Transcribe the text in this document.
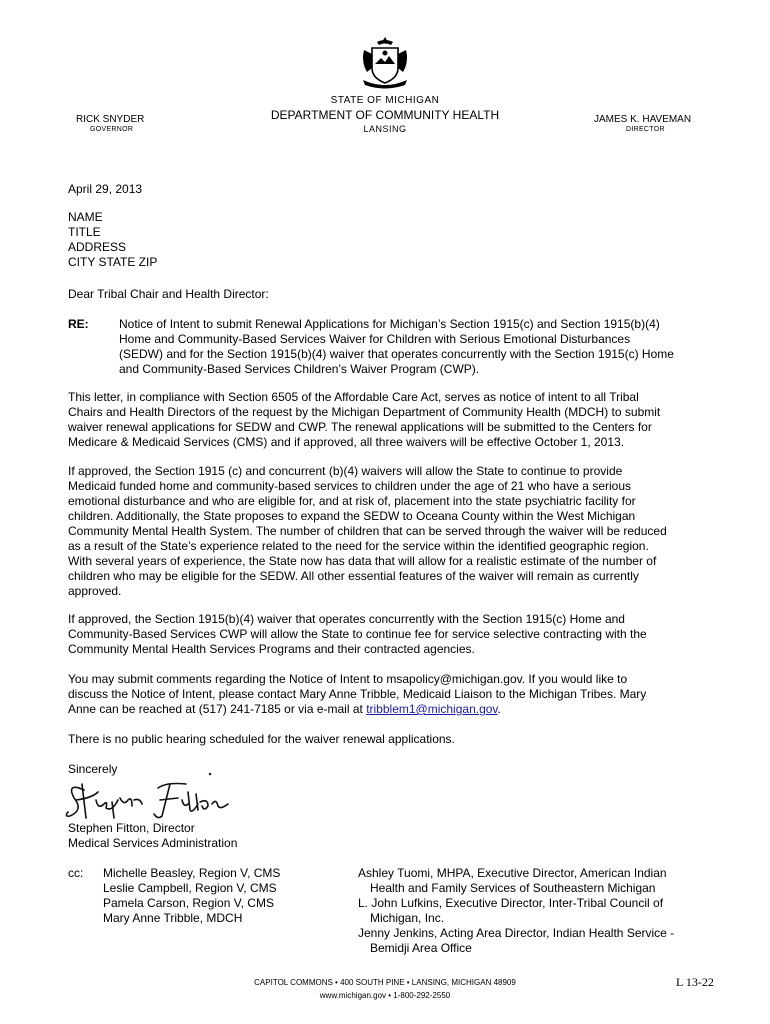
STATE OF MICHIGAN
DEPARTMENT OF COMMUNITY HEALTH
LANSING
RICK SNYDER
GOVERNOR
JAMES K. HAVEMAN
DIRECTOR
April 29, 2013
NAME
TITLE
ADDRESS
CITY STATE ZIP
Dear Tribal Chair and Health Director:
RE:	Notice of Intent to submit Renewal Applications for Michigan’s Section 1915(c) and Section 1915(b)(4)
Home and Community-Based Services Waiver for Children with Serious Emotional Disturbances
(SEDW) and for the Section 1915(b)(4) waiver that operates concurrently with the Section 1915(c) Home
and Community-Based Services Children’s Waiver Program (CWP).
This letter, in compliance with Section 6505 of the Affordable Care Act, serves as notice of intent to all Tribal
Chairs and Health Directors of the request by the Michigan Department of Community Health (MDCH) to submit
waiver renewal applications for SEDW and CWP. The renewal applications will be submitted to the Centers for
Medicare & Medicaid Services (CMS) and if approved, all three waivers will be effective October 1, 2013.
If approved, the Section 1915 (c) and concurrent (b)(4) waivers will allow the State to continue to provide
Medicaid funded home and community-based services to children under the age of 21 who have a serious
emotional disturbance and who are eligible for, and at risk of, placement into the state psychiatric facility for
children. Additionally, the State proposes to expand the SEDW to Oceana County within the West Michigan
Community Mental Health System. The number of children that can be served through the waiver will be reduced
as a result of the State’s experience related to the need for the service within the identified geographic region.
With several years of experience, the State now has data that will allow for a realistic estimate of the number of
children who may be eligible for the SEDW. All other essential features of the waiver will remain as currently
approved.
If approved, the Section 1915(b)(4) waiver that operates concurrently with the Section 1915(c) Home and
Community-Based Services CWP will allow the State to continue fee for service selective contracting with the
Community Mental Health Services Programs and their contracted agencies.
You may submit comments regarding the Notice of Intent to msapolicy@michigan.gov. If you would like to
discuss the Notice of Intent, please contact Mary Anne Tribble, Medicaid Liaison to the Michigan Tribes. Mary
Anne can be reached at (517) 241-7185 or via e-mail at tribblem1@michigan.gov.
There is no public hearing scheduled for the waiver renewal applications.
Sincerely
Stephen Fitton, Director
Medical Services Administration
cc: Michelle Beasley, Region V, CMS
Leslie Campbell, Region V, CMS
Pamela Carson, Region V, CMS
Mary Anne Tribble, MDCH
Ashley Tuomi, MHPA, Executive Director, American Indian
Health and Family Services of Southeastern Michigan
L. John Lufkins, Executive Director, Inter-Tribal Council of
Michigan, Inc.
Jenny Jenkins, Acting Area Director, Indian Health Service -
Bemidji Area Office
CAPITOL COMMONS • 400 SOUTH PINE • LANSING, MICHIGAN 48909
www.michigan.gov • 1-800-292-2550
L 13-22
